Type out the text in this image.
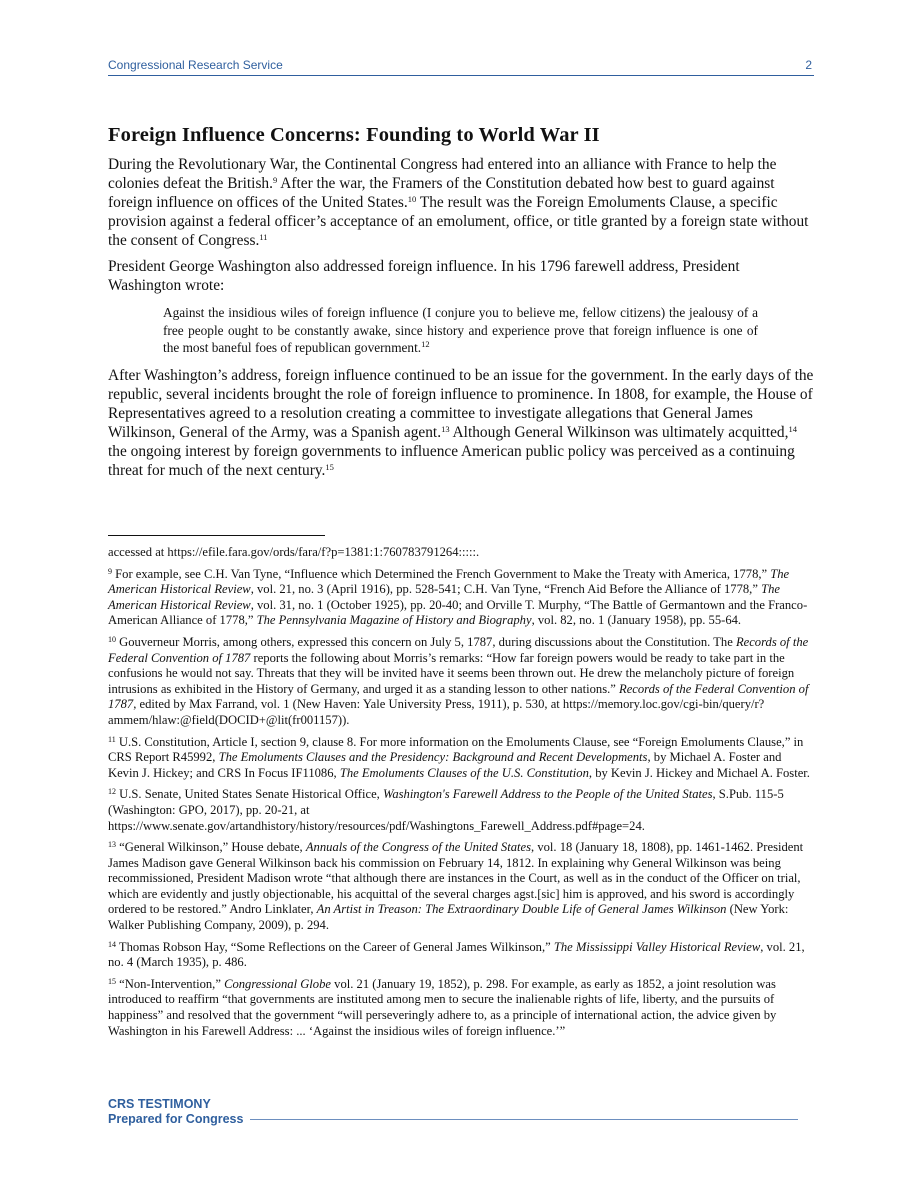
Congressional Research Service	2
Foreign Influence Concerns: Founding to World War II

During the Revolutionary War, the Continental Congress had entered into an alliance with France to help the colonies defeat the British.$^9$ After the war, the Framers of the Constitution debated how best to guard against foreign influence on offices of the United States.$^{10}$ The result was the Foreign Emoluments Clause, a specific provision against a federal officer’s acceptance of an emolument, office, or title granted by a foreign state without the consent of Congress.$^{11}$

President George Washington also addressed foreign influence. In his 1796 farewell address, President Washington wrote:

Against the insidious wiles of foreign influence (I conjure you to believe me, fellow citizens) the jealousy of a free people ought to be constantly awake, since history and experience prove that foreign influence is one of the most baneful foes of republican government.$^{12}$

After Washington’s address, foreign influence continued to be an issue for the government. In the early days of the republic, several incidents brought the role of foreign influence to prominence. In 1808, for example, the House of Representatives agreed to a resolution creating a committee to investigate allegations that General James Wilkinson, General of the Army, was a Spanish agent.$^{13}$ Although General Wilkinson was ultimately acquitted,$^{14}$ the ongoing interest by foreign governments to influence American public policy was perceived as a continuing threat for much of the next century.$^{15}$

accessed at https://efile.fara.gov/ords/fara/f?p=1381:1:760783791264:::::.

$^9$ For example, see C.H. Van Tyne, “Influence which Determined the French Government to Make the Treaty with America, 1778,” The American Historical Review, vol. 21, no. 3 (April 1916), pp. 528-541; C.H. Van Tyne, “French Aid Before the Alliance of 1778,” The American Historical Review, vol. 31, no. 1 (October 1925), pp. 20-40; and Orville T. Murphy, “The Battle of Germantown and the Franco-American Alliance of 1778,” The Pennsylvania Magazine of History and Biography, vol. 82, no. 1 (January 1958), pp. 55-64.

$^{10}$ Gouverneur Morris, among others, expressed this concern on July 5, 1787, during discussions about the Constitution. The Records of the Federal Convention of 1787 reports the following about Morris’s remarks: “How far foreign powers would be ready to take part in the confusions he would not say. Threats that they will be invited have it seems been thrown out. He drew the melancholy picture of foreign intrusions as exhibited in the History of Germany, and urged it as a standing lesson to other nations.” Records of the Federal Convention of 1787, edited by Max Farrand, vol. 1 (New Haven: Yale University Press, 1911), p. 530, at https://memory.loc.gov/cgi-bin/query/r?ammem/hlaw:@field(DOCID+@lit(fr001157)).

$^{11}$ U.S. Constitution, Article I, section 9, clause 8. For more information on the Emoluments Clause, see “Foreign Emoluments Clause,” in CRS Report R45992, The Emoluments Clauses and the Presidency: Background and Recent Developments, by Michael A. Foster and Kevin J. Hickey; and CRS In Focus IF11086, The Emoluments Clauses of the U.S. Constitution, by Kevin J. Hickey and Michael A. Foster.

$^{12}$ U.S. Senate, United States Senate Historical Office, Washington's Farewell Address to the People of the United States, S.Pub. 115-5 (Washington: GPO, 2017), pp. 20-21, at https://www.senate.gov/artandhistory/history/resources/pdf/Washingtons_Farewell_Address.pdf#page=24.

$^{13}$ “General Wilkinson,” House debate, Annuals of the Congress of the United States, vol. 18 (January 18, 1808), pp. 1461-1462. President James Madison gave General Wilkinson back his commission on February 14, 1812. In explaining why General Wilkinson was being recommissioned, President Madison wrote “that although there are instances in the Court, as well as in the conduct of the Officer on trial, which are evidently and justly objectionable, his acquittal of the several charges agst.[sic] him is approved, and his sword is accordingly ordered to be restored.” Andro Linklater, An Artist in Treason: The Extraordinary Double Life of General James Wilkinson (New York: Walker Publishing Company, 2009), p. 294.

$^{14}$ Thomas Robson Hay, “Some Reflections on the Career of General James Wilkinson,” The Mississippi Valley Historical Review, vol. 21, no. 4 (March 1935), p. 486.

$^{15}$ “Non-Intervention,” Congressional Globe vol. 21 (January 19, 1852), p. 298. For example, as early as 1852, a joint resolution was introduced to reaffirm “that governments are instituted among men to secure the inalienable rights of life, liberty, and the pursuits of happiness” and resolved that the government “will perseveringly adhere to, as a principle of international action, the advice given by Washington in his Farewell Address: ... ‘Against the insidious wiles of foreign influence.’”

CRS TESTIMONY
Prepared for Congress
